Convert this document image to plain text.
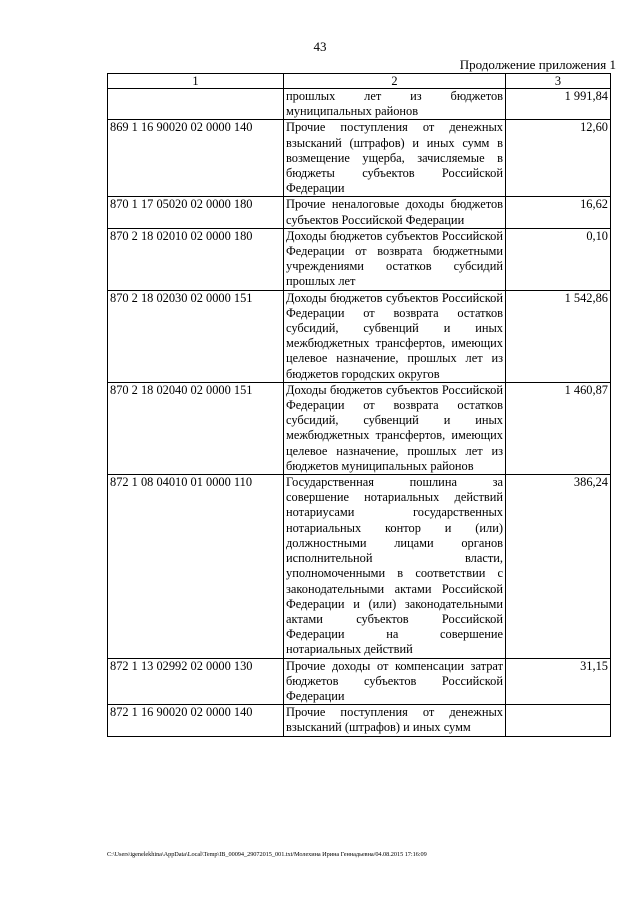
43
Продолжение приложения 1
1	2	3
	прошлых лет из бюджетов муниципальных районов	1 991,84
869 1 16 90020 02 0000 140	Прочие поступления от денежных взысканий (штрафов) и иных сумм в возмещение ущерба, зачисляемые в бюджеты субъектов Российской Федерации	12,60
870 1 17 05020 02 0000 180	Прочие неналоговые доходы бюджетов субъектов Российской Федерации	16,62
870 2 18 02010 02 0000 180	Доходы бюджетов субъектов Российской Федерации от возврата бюджетными учреждениями остатков субсидий прошлых лет	0,10
870 2 18 02030 02 0000 151	Доходы бюджетов субъектов Российской Федерации от возврата остатков субсидий, субвенций и иных межбюджетных трансфертов, имеющих целевое назначение, прошлых лет из бюджетов городских округов	1 542,86
870 2 18 02040 02 0000 151	Доходы бюджетов субъектов Российской Федерации от возврата остатков субсидий, субвенций и иных межбюджетных трансфертов, имеющих целевое назначение, прошлых лет из бюджетов муниципальных районов	1 460,87
872 1 08 04010 01 0000 110	Государственная пошлина за совершение нотариальных действий нотариусами государственных нотариальных контор и (или) должностными лицами органов исполнительной власти, уполномоченными в соответствии с законодательными актами Российской Федерации и (или) законодательными актами субъектов Российской Федерации на совершение нотариальных действий	386,24
872 1 13 02992 02 0000 130	Прочие доходы от компенсации затрат бюджетов субъектов Российской Федерации	31,15
872 1 16 90020 02 0000 140	Прочие поступления от денежных взысканий (штрафов) и иных сумм	
C:\Users\igenelekhina\AppData\Local\Temp\IB_00094_29072015_001.txt/Молехина Ирина Геннадьевна/04.08.2015 17:16:09
